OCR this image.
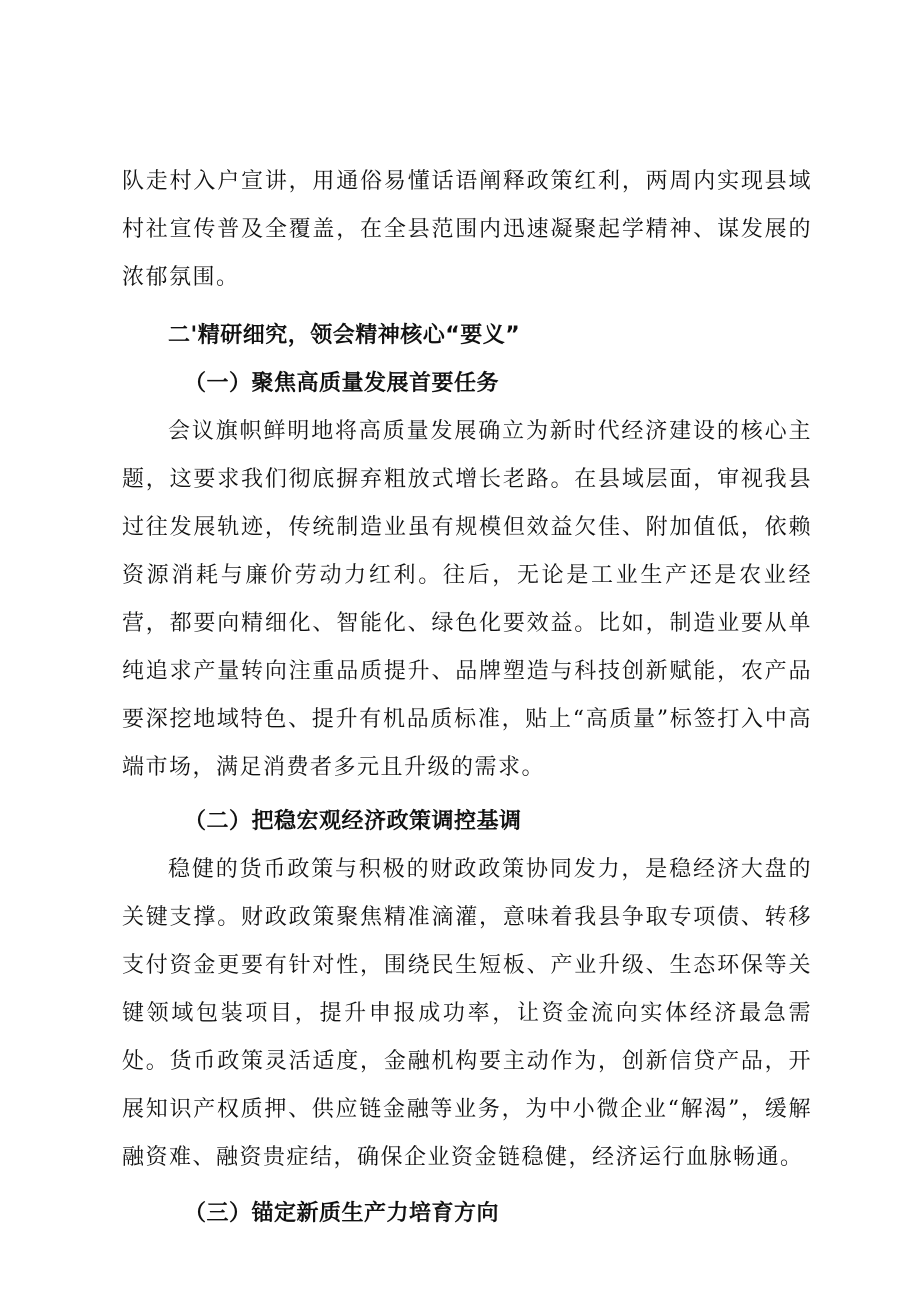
队走村入户宣讲，用通俗易懂话语阐释政策红利，两周内实现县域村社宣传普及全覆盖，在全县范围内迅速凝聚起学精神、谋发展的浓郁氛围。

二'精研细究，领会精神核心“要义”
（一）聚焦高质量发展首要任务

会议旗帜鲜明地将高质量发展确立为新时代经济建设的核心主题，这要求我们彻底摒弃粗放式增长老路。在县域层面，审视我县过往发展轨迹，传统制造业虽有规模但效益欠佳、附加值低，依赖资源消耗与廉价劳动力红利。往后，无论是工业生产还是农业经营，都要向精细化、智能化、绿色化要效益。比如，制造业要从单纯追求产量转向注重品质提升、品牌塑造与科技创新赋能，农产品要深挖地域特色、提升有机品质标准，贴上“高质量”标签打入中高端市场，满足消费者多元且升级的需求。

（二）把稳宏观经济政策调控基调

稳健的货币政策与积极的财政政策协同发力，是稳经济大盘的关键支撑。财政政策聚焦精准滴灌，意味着我县争取专项债、转移支付资金更要有针对性，围绕民生短板、产业升级、生态环保等关键领域包装项目，提升申报成功率，让资金流向实体经济最急需处。货币政策灵活适度，金融机构要主动作为，创新信贷产品，开展知识产权质押、供应链金融等业务，为中小微企业“解渴”，缓解融资难、融资贵症结，确保企业资金链稳健，经济运行血脉畅通。

（三）锚定新质生产力培育方向
